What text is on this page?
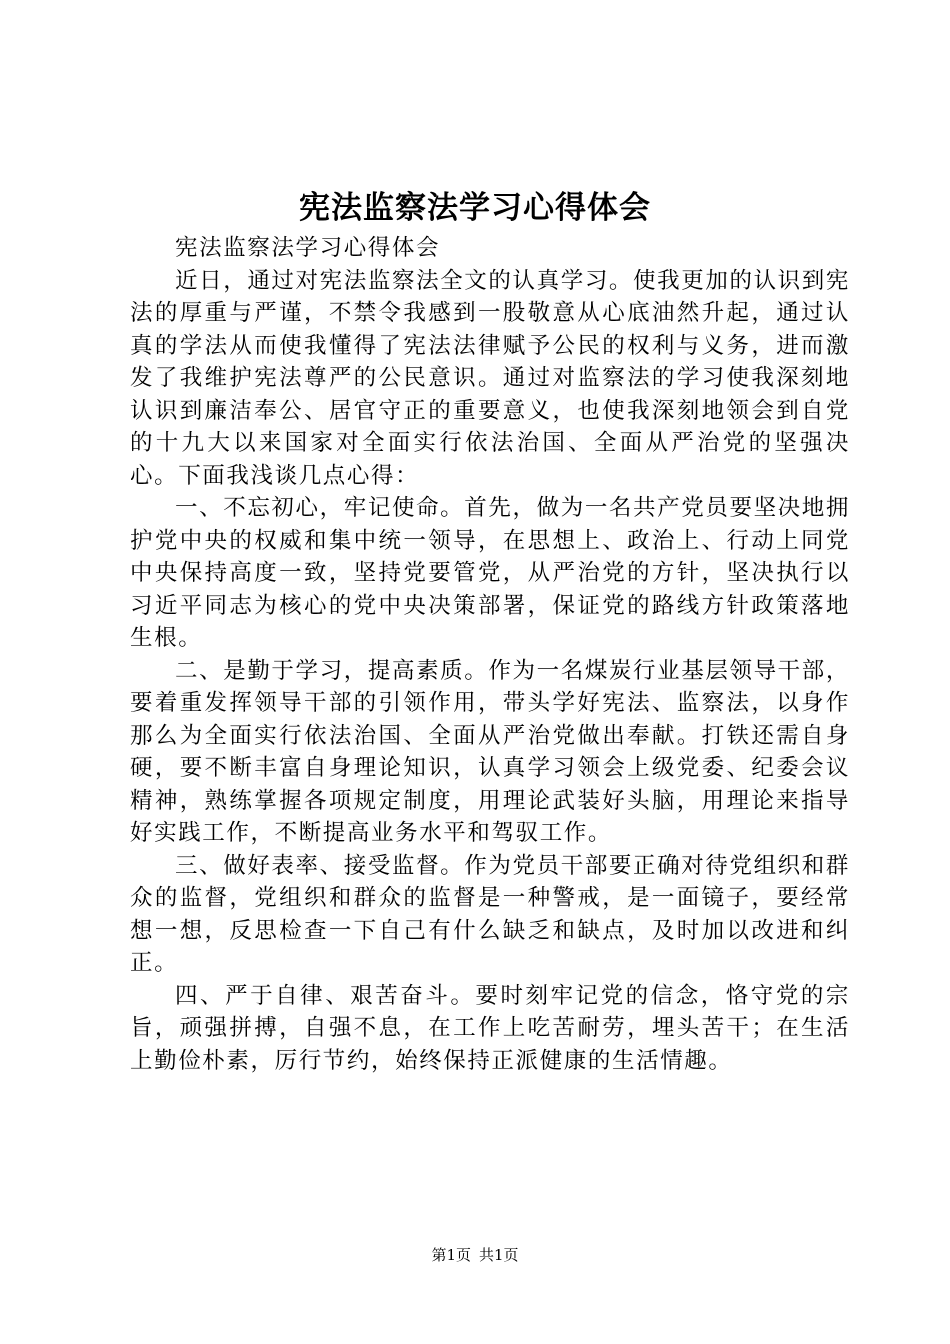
宪法监察法学习心得体会

宪法监察法学习心得体会

近日，通过对宪法监察法全文的认真学习。使我更加的认识到宪法的厚重与严谨，不禁令我感到一股敬意从心底油然升起，通过认真的学法从而使我懂得了宪法法律赋予公民的权利与义务，进而激发了我维护宪法尊严的公民意识。通过对监察法的学习使我深刻地认识到廉洁奉公、居官守正的重要意义，也使我深刻地领会到自党的十九大以来国家对全面实行依法治国、全面从严治党的坚强决心。下面我浅谈几点心得：

一、不忘初心，牢记使命。首先，做为一名共产党员要坚决地拥护党中央的权威和集中统一领导，在思想上、政治上、行动上同党中央保持高度一致，坚持党要管党，从严治党的方针，坚决执行以习近平同志为核心的党中央决策部署，保证党的路线方针政策落地生根。

二、是勤于学习，提高素质。作为一名煤炭行业基层领导干部，要着重发挥领导干部的引领作用，带头学好宪法、监察法，以身作那么为全面实行依法治国、全面从严治党做出奉献。打铁还需自身硬，要不断丰富自身理论知识，认真学习领会上级党委、纪委会议精神，熟练掌握各项规定制度，用理论武装好头脑，用理论来指导好实践工作，不断提高业务水平和驾驭工作。

三、做好表率、接受监督。作为党员干部要正确对待党组织和群众的监督，党组织和群众的监督是一种警戒，是一面镜子，要经常想一想，反思检查一下自己有什么缺乏和缺点，及时加以改进和纠正。

四、严于自律、艰苦奋斗。要时刻牢记党的信念，恪守党的宗旨，顽强拼搏，自强不息，在工作上吃苦耐劳，埋头苦干；在生活上勤俭朴素，厉行节约，始终保持正派健康的生活情趣。

第1页 共1页
